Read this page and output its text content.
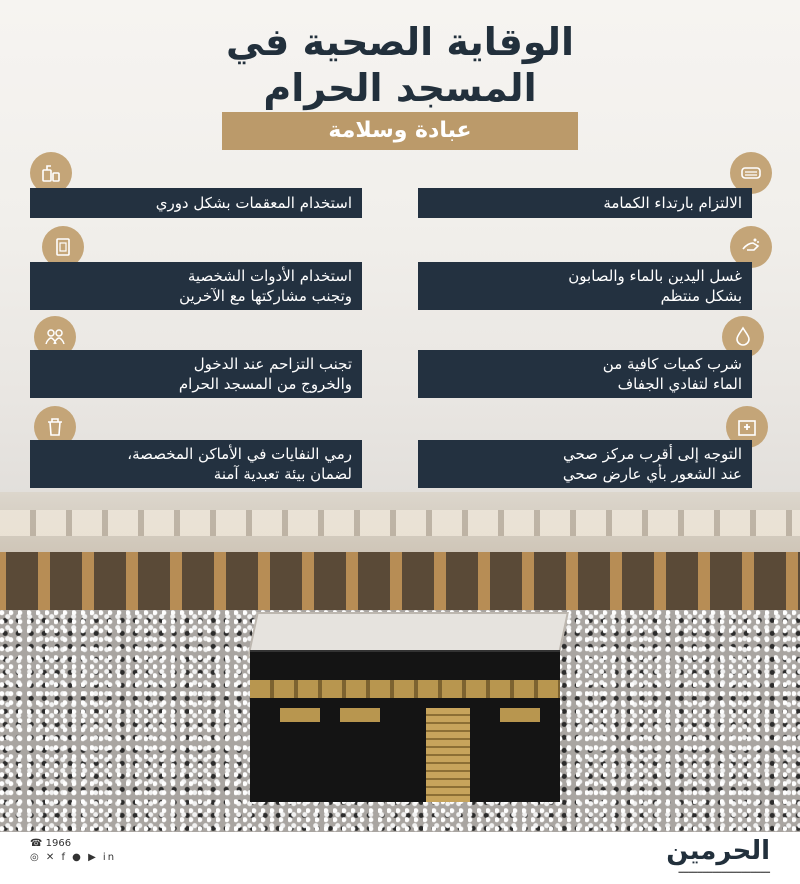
الوقاية الصحية في
المسجد الحرام
عبادة وسلامة
الالتزام بارتداء الكمامة
استخدام المعقمات بشكل دوري
غسل اليدين بالماء والصابون
بشكل منتظم
استخدام الأدوات الشخصية
وتجنب مشاركتها مع الآخرين
شرب كميات كافية من
الماء لتفادي الجفاف
تجنب التزاحم عند الدخول
والخروج من المسجد الحرام
التوجه إلى أقرب مركز صحي
عند الشعور بأي عارض صحي
رمي النفايات في الأماكن المخصصة،
لضمان بيئة تعبدية آمنة
☎ 1966
◎ ✕ f ● ▶ in	الحرمين
━━━━━━━━━━━━━━━━━━━
